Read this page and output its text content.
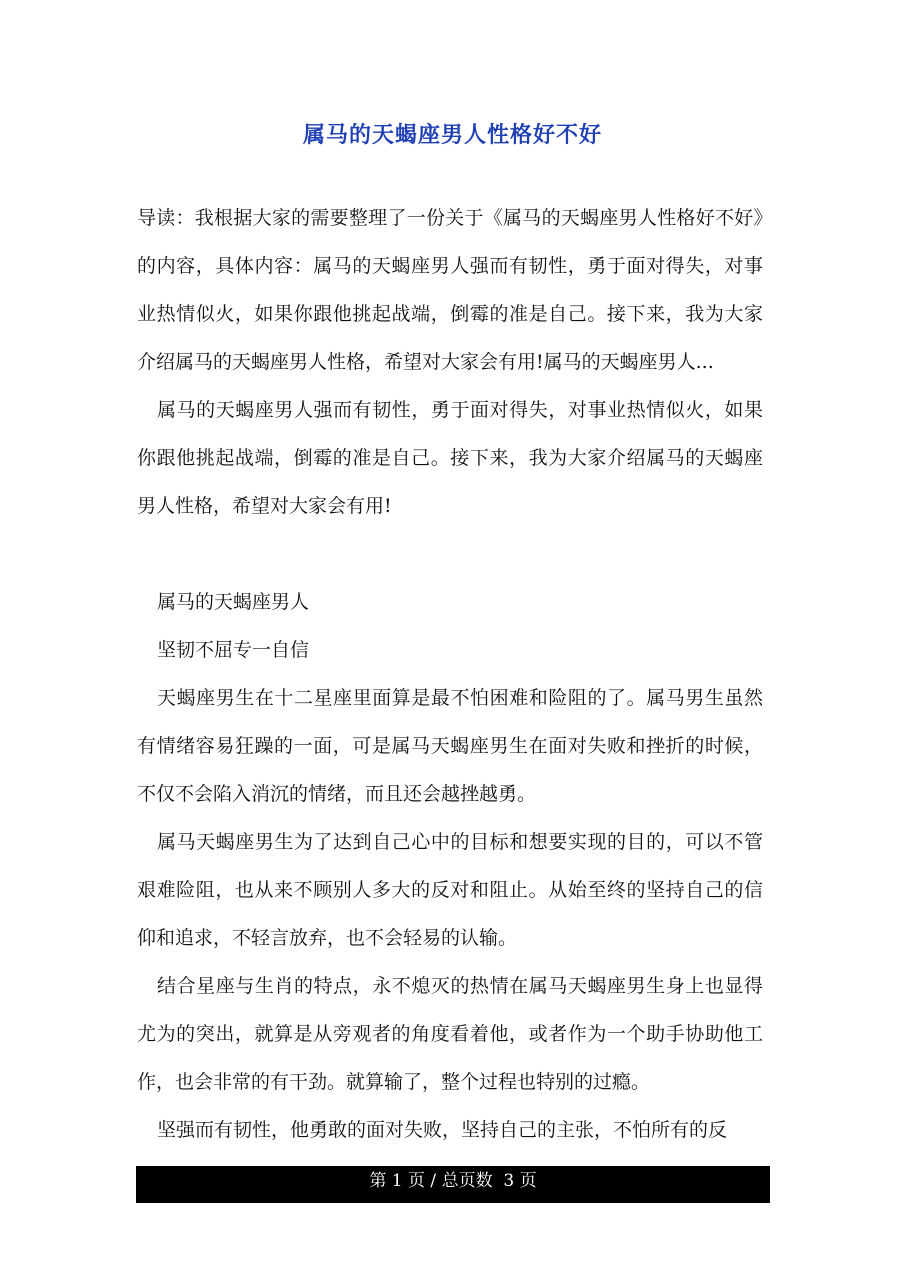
属马的天蝎座男人性格好不好

导读：我根据大家的需要整理了一份关于《属马的天蝎座男人性格好不好》的内容，具体内容：属马的天蝎座男人强而有韧性，勇于面对得失，对事业热情似火，如果你跟他挑起战端，倒霉的准是自己。接下来，我为大家介绍属马的天蝎座男人性格，希望对大家会有用!属马的天蝎座男人...

属马的天蝎座男人强而有韧性，勇于面对得失，对事业热情似火，如果你跟他挑起战端，倒霉的准是自己。接下来，我为大家介绍属马的天蝎座男人性格，希望对大家会有用!

属马的天蝎座男人

坚韧不屈专一自信

天蝎座男生在十二星座里面算是最不怕困难和险阻的了。属马男生虽然有情绪容易狂躁的一面，可是属马天蝎座男生在面对失败和挫折的时候，不仅不会陷入消沉的情绪，而且还会越挫越勇。

属马天蝎座男生为了达到自己心中的目标和想要实现的目的，可以不管艰难险阻，也从来不顾别人多大的反对和阻止。从始至终的坚持自己的信仰和追求，不轻言放弃，也不会轻易的认输。

结合星座与生肖的特点，永不熄灭的热情在属马天蝎座男生身上也显得尤为的突出，就算是从旁观者的角度看着他，或者作为一个助手协助他工作，也会非常的有干劲。就算输了，整个过程也特别的过瘾。

坚强而有韧性，他勇敢的面对失败，坚持自己的主张，不怕所有的反

第 1 页 / 总页数  3 页
